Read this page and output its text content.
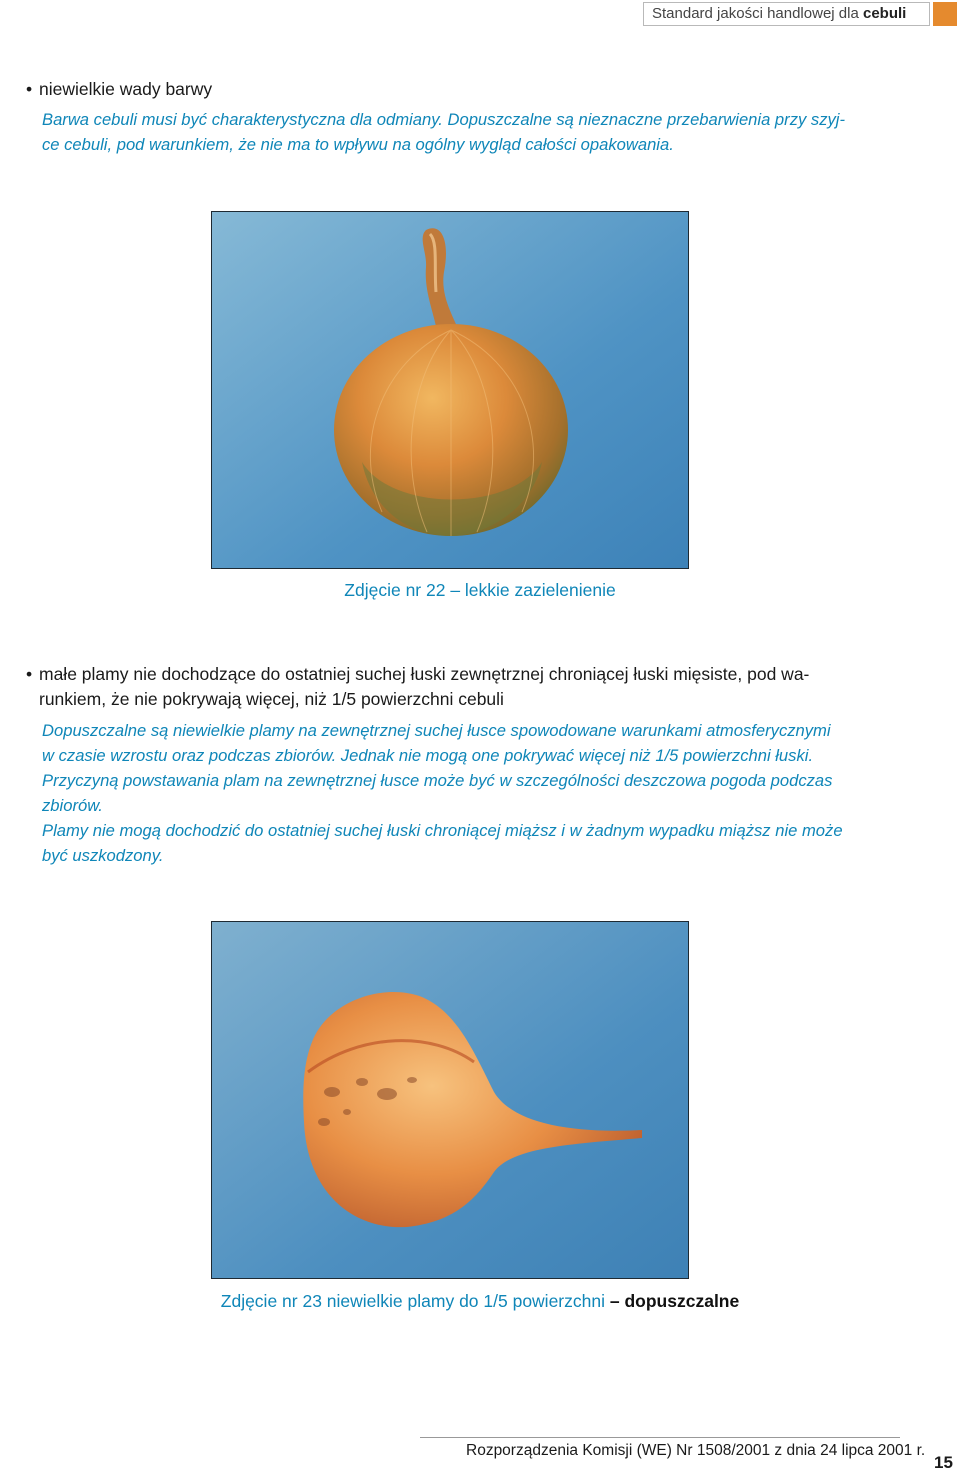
Standard jakości handlowej dla cebuli
• niewielkie wady barwy
Barwa cebuli musi być charakterystyczna dla odmiany. Dopuszczalne są nieznaczne przebarwienia przy szyj-
ce cebuli, pod warunkiem, że nie ma to wpływu na ogólny wygląd całości opakowania.
Zdjęcie nr 22 – lekkie zazielenienie
• małe plamy nie dochodzące do ostatniej suchej łuski zewnętrznej chroniącej łuski mięsiste, pod wa-
runkiem, że nie pokrywają więcej, niż 1/5 powierzchni cebuli
Dopuszczalne są niewielkie plamy na zewnętrznej suchej łusce spowodowane warunkami atmosferycznymi
w czasie wzrostu oraz podczas zbiorów. Jednak nie mogą one pokrywać więcej niż 1/5 powierzchni łuski.
Przyczyną powstawania plam na zewnętrznej łusce może być w szczególności deszczowa pogoda podczas
zbiorów.
Plamy nie mogą dochodzić do ostatniej suchej łuski chroniącej miąższ i w żadnym wypadku miąższ nie może
być uszkodzony.
Zdjęcie nr 23 niewielkie plamy do 1/5 powierzchni – dopuszczalne
Rozporządzenia Komisji (WE) Nr 1508/2001 z dnia 24 lipca 2001 r.
15
